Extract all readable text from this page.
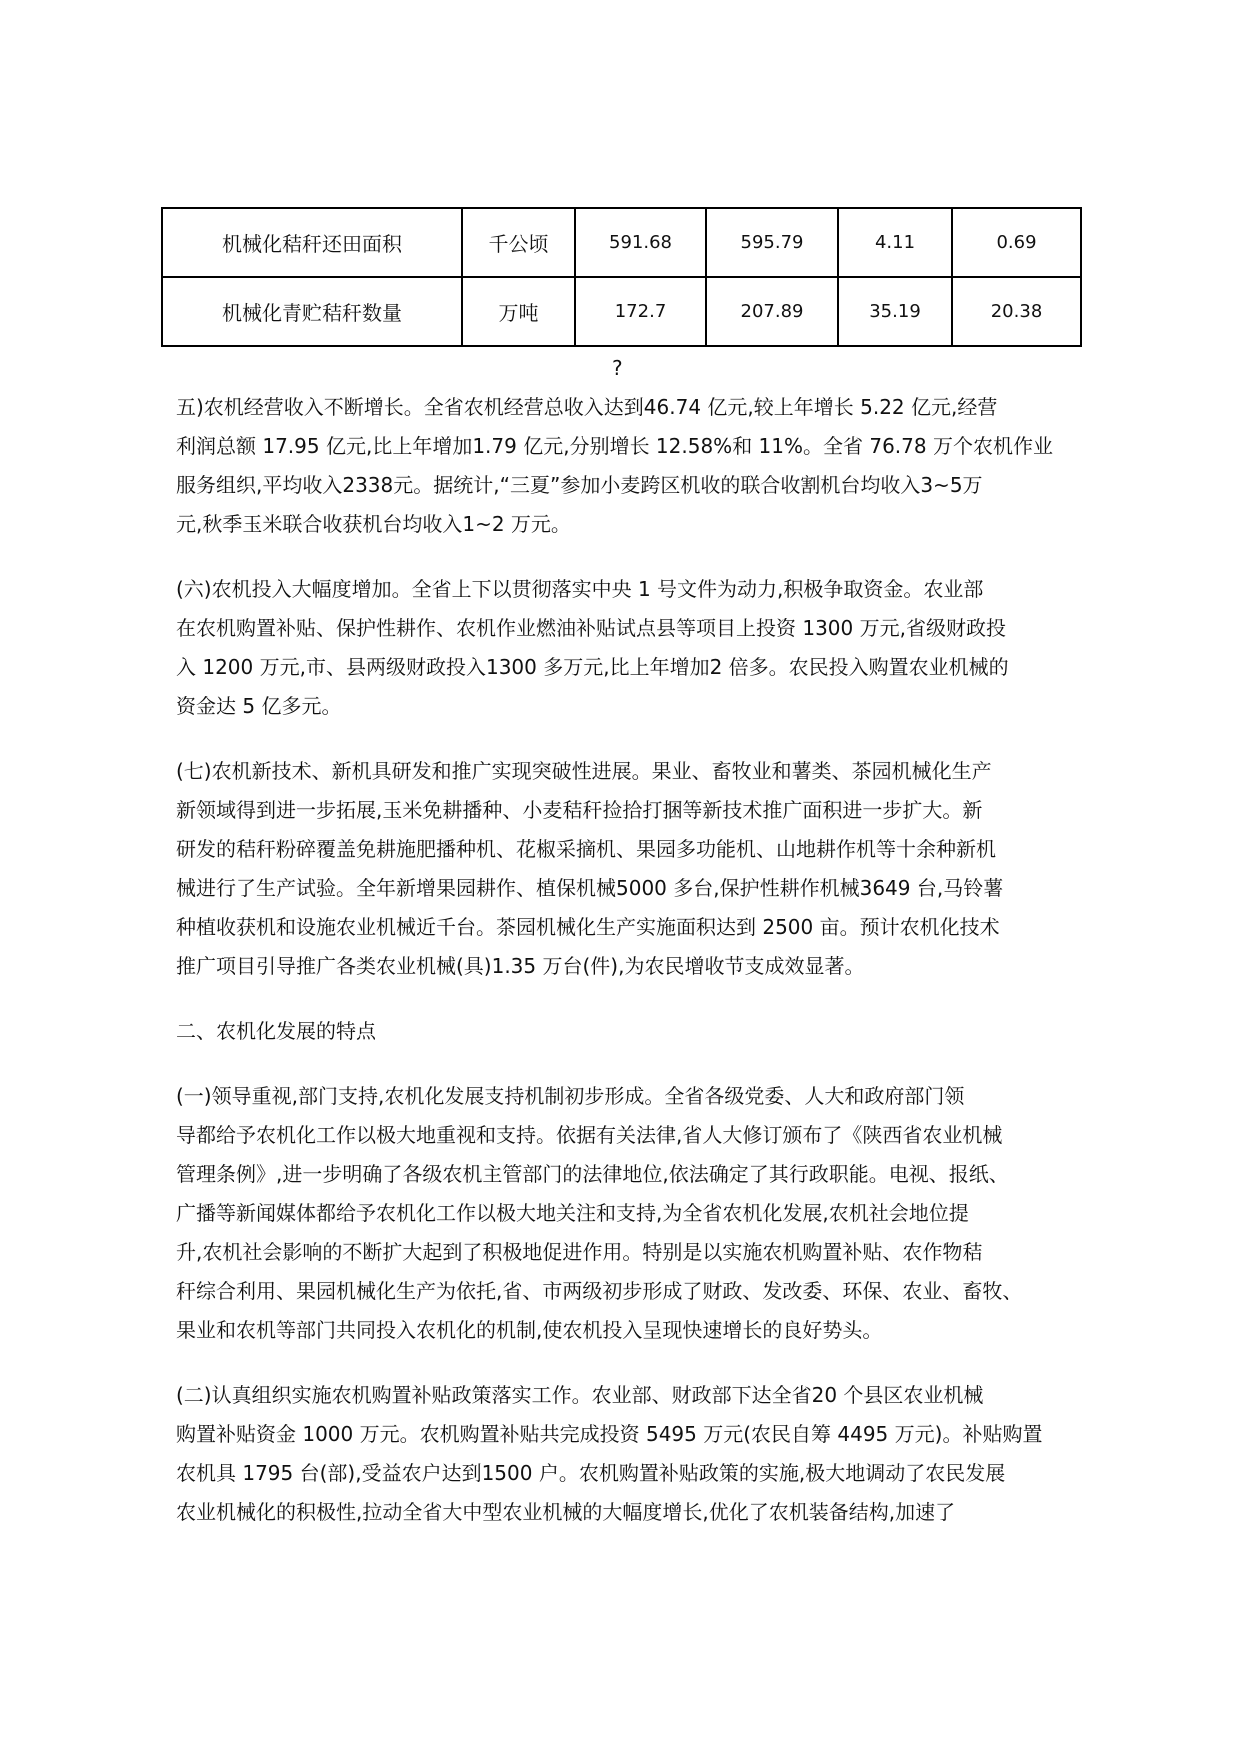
机械化秸秆还田面积	千公顷	591.68	595.79	4.11	0.69
机械化青贮秸秆数量	万吨	172.7	207.89	35.19	20.38
?
五)农机经营收入不断增长。全省农机经营总收入达到46.74 亿元,较上年增长 5.22 亿元,经营
利润总额 17.95 亿元,比上年增加1.79 亿元,分别增长 12.58%和 11%。全省 76.78 万个农机作业
服务组织,平均收入2338元。据统计,“三夏”参加小麦跨区机收的联合收割机台均收入3~5万
元,秋季玉米联合收获机台均收入1~2 万元。
(六)农机投入大幅度增加。全省上下以贯彻落实中央 1 号文件为动力,积极争取资金。农业部
在农机购置补贴、保护性耕作、农机作业燃油补贴试点县等项目上投资 1300 万元,省级财政投
入 1200 万元,市、县两级财政投入1300 多万元,比上年增加2 倍多。农民投入购置农业机械的
资金达 5 亿多元。
(七)农机新技术、新机具研发和推广实现突破性进展。果业、畜牧业和薯类、茶园机械化生产
新领域得到进一步拓展,玉米免耕播种、小麦秸秆捡拾打捆等新技术推广面积进一步扩大。新
研发的秸秆粉碎覆盖免耕施肥播种机、花椒采摘机、果园多功能机、山地耕作机等十余种新机
械进行了生产试验。全年新增果园耕作、植保机械5000 多台,保护性耕作机械3649 台,马铃薯
种植收获机和设施农业机械近千台。茶园机械化生产实施面积达到 2500 亩。预计农机化技术
推广项目引导推广各类农业机械(具)1.35 万台(件),为农民增收节支成效显著。
二、农机化发展的特点
(一)领导重视,部门支持,农机化发展支持机制初步形成。全省各级党委、人大和政府部门领
导都给予农机化工作以极大地重视和支持。依据有关法律,省人大修订颁布了《陕西省农业机械
管理条例》,进一步明确了各级农机主管部门的法律地位,依法确定了其行政职能。电视、报纸、
广播等新闻媒体都给予农机化工作以极大地关注和支持,为全省农机化发展,农机社会地位提
升,农机社会影响的不断扩大起到了积极地促进作用。特别是以实施农机购置补贴、农作物秸
秆综合利用、果园机械化生产为依托,省、市两级初步形成了财政、发改委、环保、农业、畜牧、
果业和农机等部门共同投入农机化的机制,使农机投入呈现快速增长的良好势头。
(二)认真组织实施农机购置补贴政策落实工作。农业部、财政部下达全省20 个县区农业机械
购置补贴资金 1000 万元。农机购置补贴共完成投资 5495 万元(农民自筹 4495 万元)。补贴购置
农机具 1795 台(部),受益农户达到1500 户。农机购置补贴政策的实施,极大地调动了农民发展
农业机械化的积极性,拉动全省大中型农业机械的大幅度增长,优化了农机装备结构,加速了
